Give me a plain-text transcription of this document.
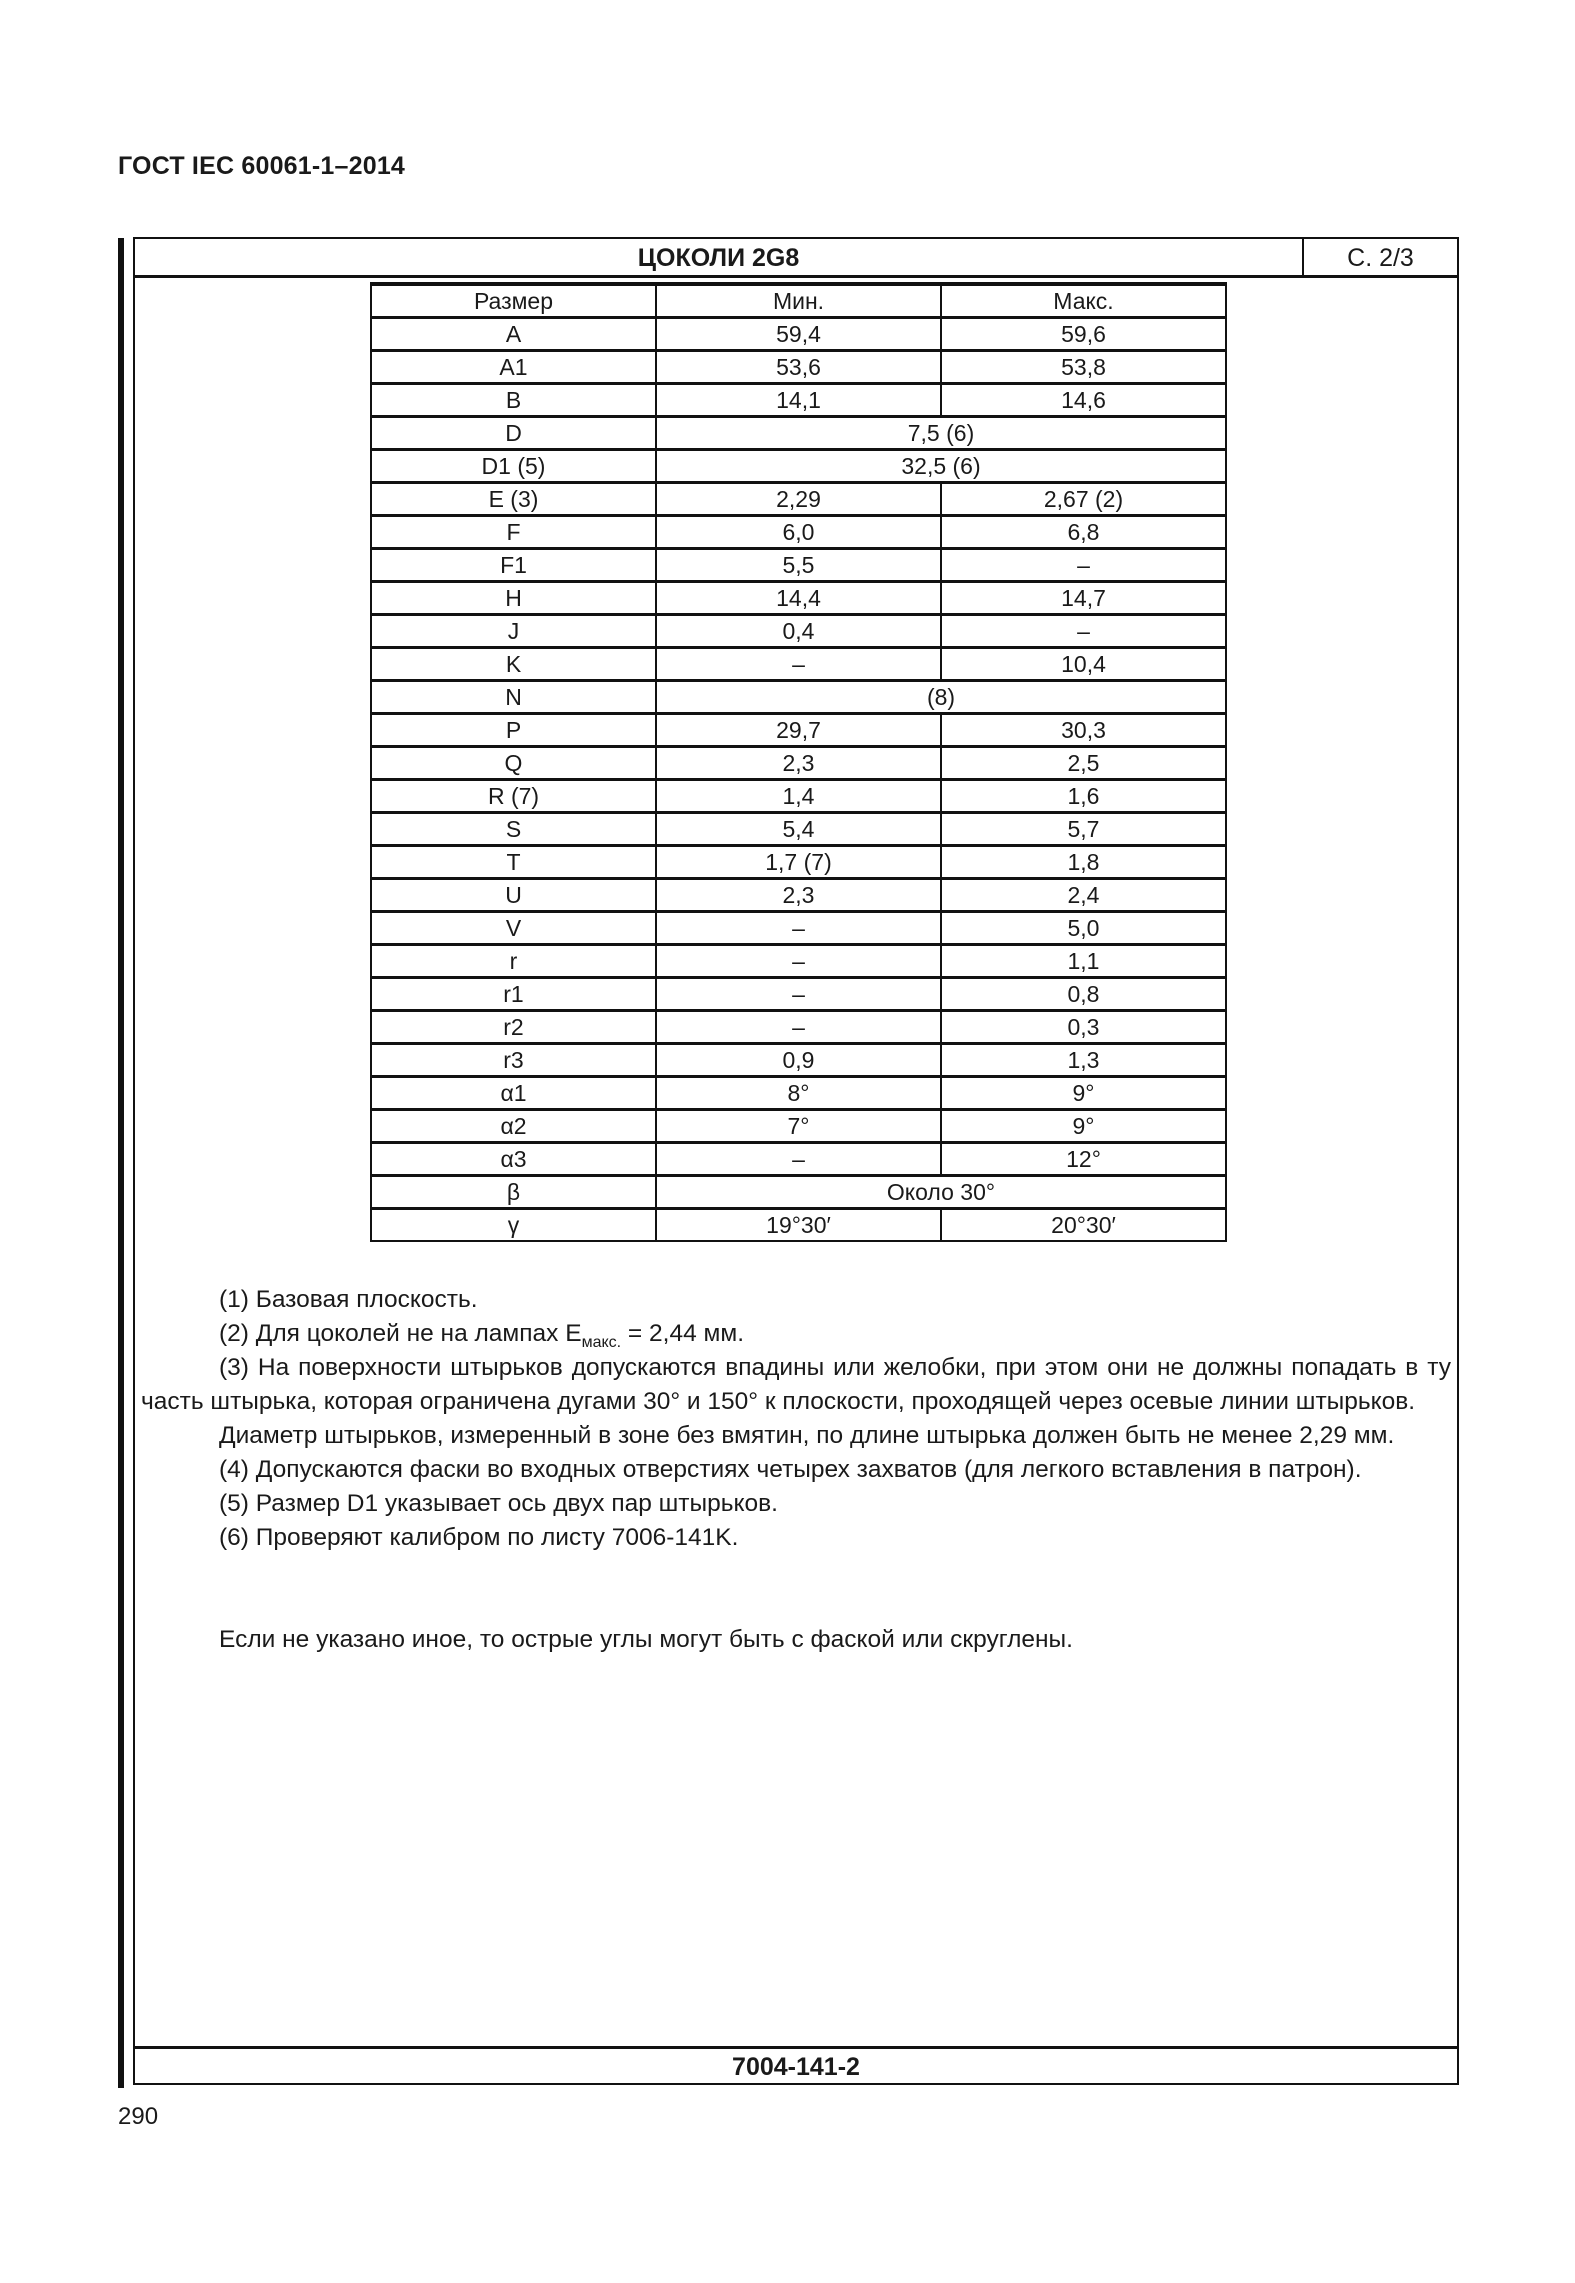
ГОСТ IEC 60061-1–2014
ЦОКОЛИ 2G8	С. 2/3
Размер	Мин.	Макс.
A	59,4	59,6
A1	53,6	53,8
B	14,1	14,6
D	7,5 (6)	
D1 (5)	32,5 (6)	
E (3)	2,29	2,67 (2)
F	6,0	6,8
F1	5,5	–
H	14,4	14,7
J	0,4	–
K	–	10,4
N	(8)	
P	29,7	30,3
Q	2,3	2,5
R (7)	1,4	1,6
S	5,4	5,7
T	1,7 (7)	1,8
U	2,3	2,4
V	–	5,0
r	–	1,1
r1	–	0,8
r2	–	0,3
r3	0,9	1,3
α1	8°	9°
α2	7°	9°
α3	–	12°
β	Около 30°	
γ	19°30′	20°30′

(1) Базовая плоскость.

(2) Для цоколей не на лампах $E_{макс.} = 2,44$ мм.

(3) На поверхности штырьков допускаются впадины или желобки, при этом они не должны попадать в ту часть штырька, которая ограничена дугами 30° и 150° к плоскости, проходящей через осевые линии штырьков.

Диаметр штырьков, измеренный в зоне без вмятин, по длине штырька должен быть не менее 2,29 мм.

(4) Допускаются фаски во входных отверстиях четырех захватов (для легкого вставления в патрон).

(5) Размер D1 указывает ось двух пар штырьков.

(6) Проверяют калибром по листу 7006-141K.

Если не указано иное, то острые углы могут быть с фаской или скруглены.

7004-141-2
290
